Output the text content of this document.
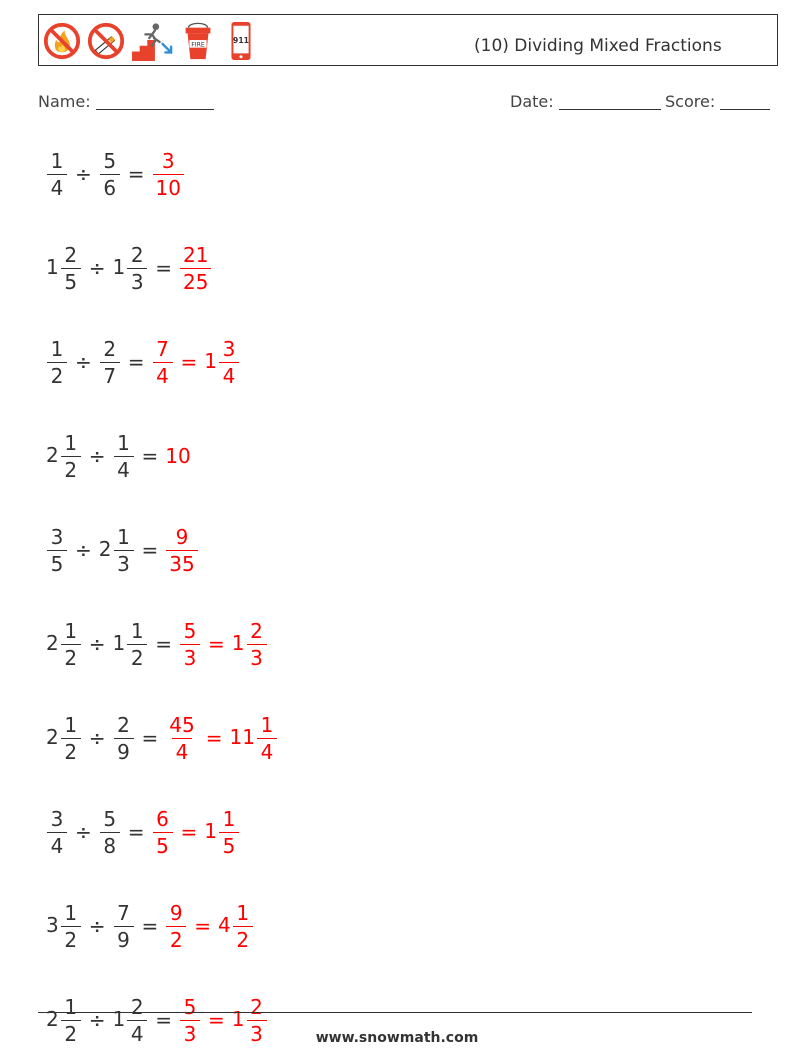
FIRE
911	(10) Dividing Mixed Fractions
Name:	Date:	Score:
$\frac{1}{4} \div \frac{5}{6} = \frac{3}{10}$
$1 \frac{2}{5} \div 1 \frac{2}{3} = \frac{21}{25}$
$\frac{1}{2} \div \frac{2}{7} = \frac{7}{4} = 1 \frac{3}{4}$
$2 \frac{1}{2} \div \frac{1}{4} = 10$
$\frac{3}{5} \div 2 \frac{1}{3} = \frac{9}{35}$
$2 \frac{1}{2} \div 1 \frac{1}{2} = \frac{5}{3} = 1 \frac{2}{3}$
$2 \frac{1}{2} \div \frac{2}{9} = \frac{45}{4} = 11 \frac{1}{4}$
$\frac{3}{4} \div \frac{5}{8} = \frac{6}{5} = 1 \frac{1}{5}$
$3 \frac{1}{2} \div \frac{7}{9} = \frac{9}{2} = 4 \frac{1}{2}$
$2 \frac{1}{2} \div 1 \frac{2}{4} = \frac{5}{3} = 1 \frac{2}{3}$	www.snowmath.com
